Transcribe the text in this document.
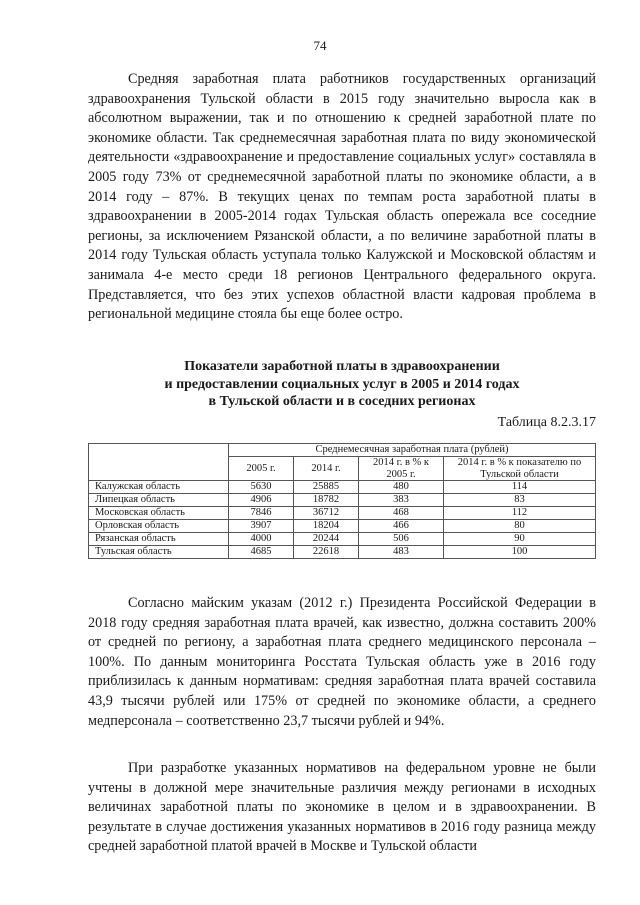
74

Средняя заработная плата работников государственных организаций здравоохранения Тульской области в 2015 году значительно выросла как в абсолютном выражении, так и по отношению к средней заработной плате по экономике области. Так среднемесячная заработная плата по виду экономической деятельности «здравоохранение и предоставление социальных услуг» составляла в 2005 году 73% от среднемесячной заработной платы по экономике области, а в 2014 году – 87%. В текущих ценах по темпам роста заработной платы в здравоохранении в 2005-2014 годах Тульская область опережала все соседние регионы, за исключением Рязанской области, а по величине заработной платы в 2014 году Тульская область уступала только Калужской и Московской областям и занимала 4-е место среди 18 регионов Центрального федерального округа. Представляется, что без этих успехов областной власти кадровая проблема в региональной медицине стояла бы еще более остро.

Показатели заработной платы в здравоохранении
и предоставлении социальных услуг в 2005 и 2014 годах
в Тульской области и в соседних регионах
Таблица 8.2.3.17
	Среднемесячная заработная плата (рублей)			
	2005 г.	2014 г.	2014 г. в % к 2005 г.	2014 г. в % к показателю по Тульской области
Калужская область	5630	25885	480	114
Липецкая область	4906	18782	383	83
Московская область	7846	36712	468	112
Орловская область	3907	18204	466	80
Рязанская область	4000	20244	506	90
Тульская область	4685	22618	483	100

Согласно майским указам (2012 г.) Президента Российской Федерации в 2018 году средняя заработная плата врачей, как известно, должна составить 200% от средней по региону, а заработная плата среднего медицинского персонала – 100%. По данным мониторинга Росстата Тульская область уже в 2016 году приблизилась к данным нормативам: средняя заработная плата врачей составила 43,9 тысячи рублей или 175% от средней по экономике области, а среднего медперсонала – соответственно 23,7 тысячи рублей и 94%.

При разработке указанных нормативов на федеральном уровне не были учтены в должной мере значительные различия между регионами в исходных величинах заработной платы по экономике в целом и в здравоохранении. В результате в случае достижения указанных нормативов в 2016 году разница между средней заработной платой врачей в Москве и Тульской области
